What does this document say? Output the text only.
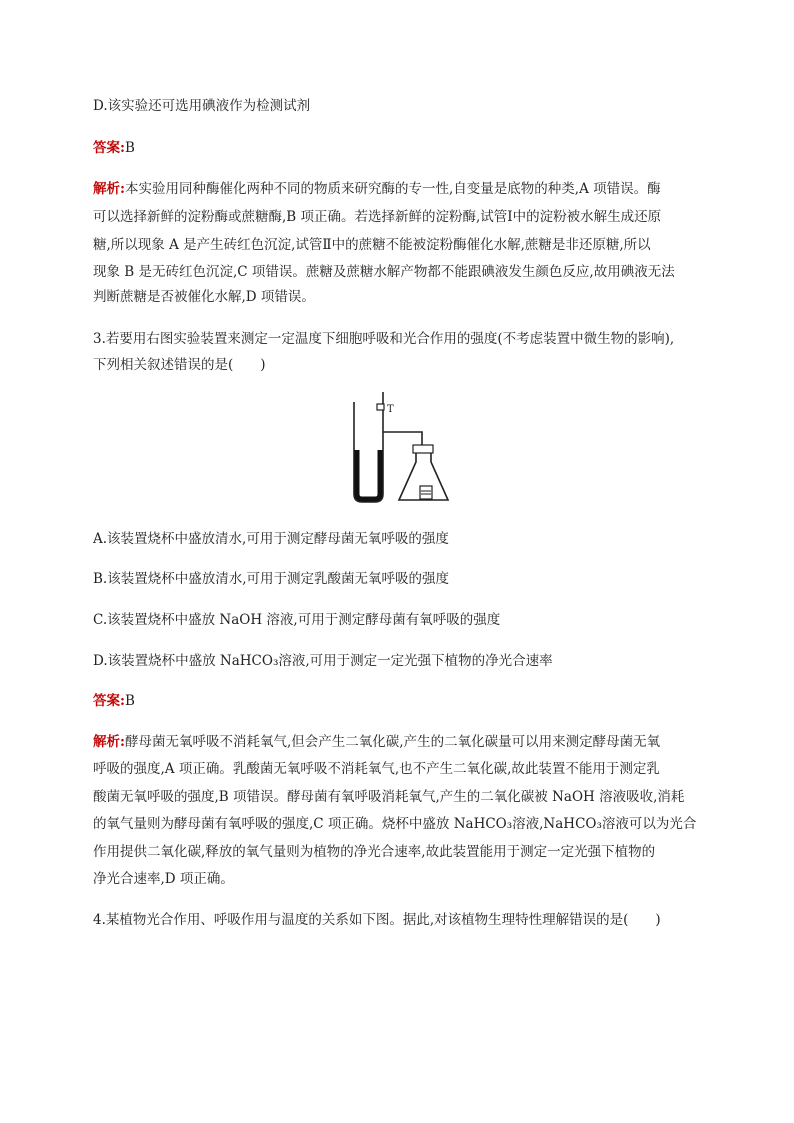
D.该实验还可选用碘液作为检测试剂
答案:B
解析:本实验用同种酶催化两种不同的物质来研究酶的专一性,自变量是底物的种类,A 项错误。酶
可以选择新鲜的淀粉酶或蔗糖酶,B 项正确。若选择新鲜的淀粉酶,试管Ⅰ中的淀粉被水解生成还原
糖,所以现象 A 是产生砖红色沉淀,试管Ⅱ中的蔗糖不能被淀粉酶催化水解,蔗糖是非还原糖,所以
现象 B 是无砖红色沉淀,C 项错误。蔗糖及蔗糖水解产物都不能跟碘液发生颜色反应,故用碘液无法
判断蔗糖是否被催化水解,D 项错误。
3.若要用右图实验装置来测定一定温度下细胞呼吸和光合作用的强度(不考虑装置中微生物的影响),
下列相关叙述错误的是(　　)
T
A.该装置烧杯中盛放清水,可用于测定酵母菌无氧呼吸的强度
B.该装置烧杯中盛放清水,可用于测定乳酸菌无氧呼吸的强度
C.该装置烧杯中盛放 NaOH 溶液,可用于测定酵母菌有氧呼吸的强度
D.该装置烧杯中盛放 NaHCO₃溶液,可用于测定一定光强下植物的净光合速率
答案:B
解析:酵母菌无氧呼吸不消耗氧气,但会产生二氧化碳,产生的二氧化碳量可以用来测定酵母菌无氧
呼吸的强度,A 项正确。乳酸菌无氧呼吸不消耗氧气,也不产生二氧化碳,故此装置不能用于测定乳
酸菌无氧呼吸的强度,B 项错误。酵母菌有氧呼吸消耗氧气,产生的二氧化碳被 NaOH 溶液吸收,消耗
的氧气量则为酵母菌有氧呼吸的强度,C 项正确。烧杯中盛放 NaHCO₃溶液,NaHCO₃溶液可以为光合
作用提供二氧化碳,释放的氧气量则为植物的净光合速率,故此装置能用于测定一定光强下植物的
净光合速率,D 项正确。
4.某植物光合作用、呼吸作用与温度的关系如下图。据此,对该植物生理特性理解错误的是(　　)
